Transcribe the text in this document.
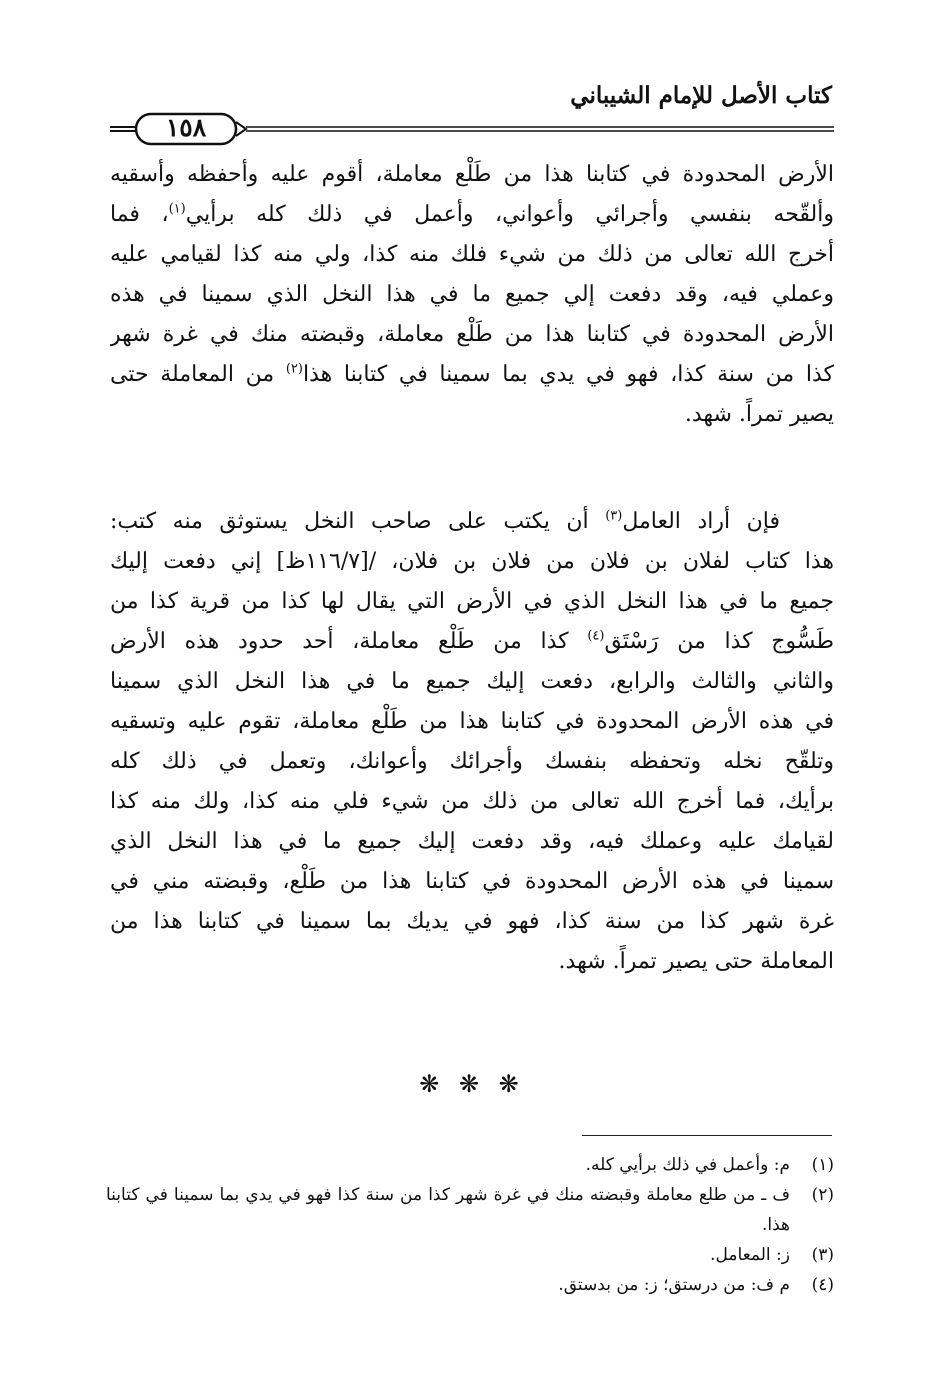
كتاب الأصل للإمام الشيباني
١٥٨
الأرض المحدودة في كتابنا هذا من طَلْع معاملة، أقوم عليه وأحفظه وأسقيه
وألقّحه بنفسي وأجرائي وأعواني، وأعمل في ذلك كله برأيي$^{(١)}$، فما
أخرج الله تعالى من ذلك من شيء فلك منه كذا، ولي منه كذا لقيامي عليه
وعملي فيه، وقد دفعت إلي جميع ما في هذا النخل الذي سمينا في هذه
الأرض المحدودة في كتابنا هذا من طَلْع معاملة، وقبضته منك في غرة شهر
كذا من سنة كذا، فهو في يدي بما سمينا في كتابنا هذا$^{(٢)}$ من المعاملة حتى
يصير تمراً. شهد.
فإن أراد العامل$^{(٣)}$ أن يكتب على صاحب النخل يستوثق منه كتب:
هذا كتاب لفلان بن فلان من فلان بن فلان، /[١١٦/٧ظ] إني دفعت إليك
جميع ما في هذا النخل الذي في الأرض التي يقال لها كذا من قرية كذا من
طَسُّوج كذا من رَسْتَق$^{(٤)}$ كذا من طَلْع معاملة، أحد حدود هذه الأرض
والثاني والثالث والرابع، دفعت إليك جميع ما في هذا النخل الذي سمينا
في هذه الأرض المحدودة في كتابنا هذا من طَلْع معاملة، تقوم عليه وتسقيه
وتلقّح نخله وتحفظه بنفسك وأجرائك وأعوانك، وتعمل في ذلك كله
برأيك، فما أخرج الله تعالى من ذلك من شيء فلي منه كذا، ولك منه كذا
لقيامك عليه وعملك فيه، وقد دفعت إليك جميع ما في هذا النخل الذي
سمينا في هذه الأرض المحدودة في كتابنا هذا من طَلْع، وقبضته مني في
غرة شهر كذا من سنة كذا، فهو في يديك بما سمينا في كتابنا هذا من
المعاملة حتى يصير تمراً. شهد.
❋ ❋ ❋
(١)
م: وأعمل في ذلك برأيي كله.
(٢)
ف ـ من طلع معاملة وقبضته منك في غرة شهر كذا من سنة كذا فهو في يدي بما سمينا في كتابنا هذا.
(٣)
ز: المعامل.
(٤)
م ف: من درستق؛ ز: من بدستق.
